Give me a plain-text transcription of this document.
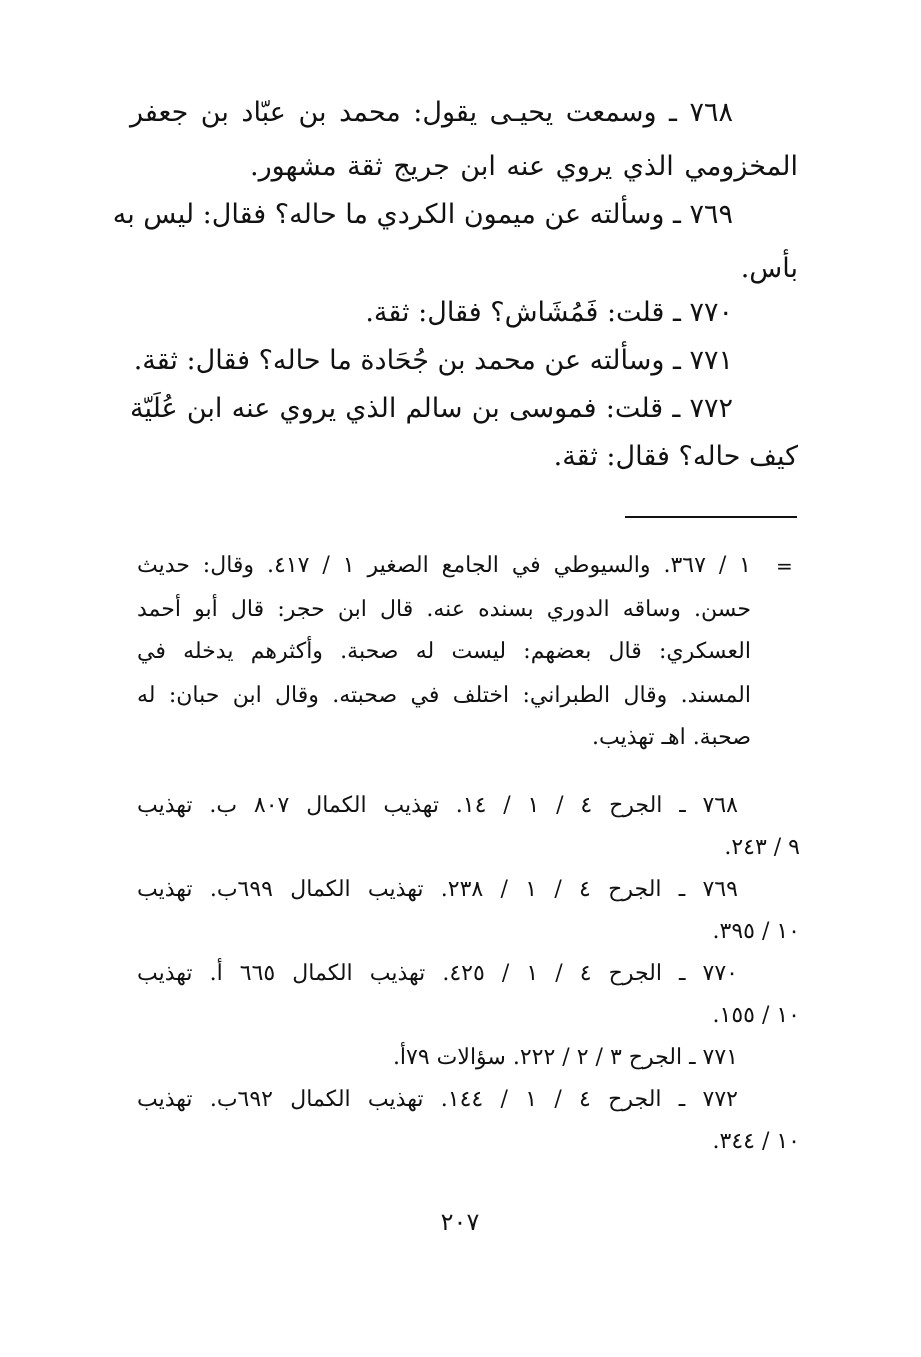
٧٦٨ ـ وسمعت يحيـى يقول: محمد بن عبّاد بن جعفر
المخزومي الذي يروي عنه ابن جريج ثقة مشهور.
٧٦٩ ـ وسألته عن ميمون الكردي ما حاله؟ فقال: ليس به
بأس.
٧٧٠ ـ قلت: فَمُشَاش؟ فقال: ثقة.
٧٧١ ـ وسألته عن محمد بن جُحَادة ما حاله؟ فقال: ثقة.
٧٧٢ ـ قلت: فموسى بن سالم الذي يروي عنه ابن عُلَيّة
كيف حاله؟ فقال: ثقة.
=
١ / ٣٦٧. والسيوطي في الجامع الصغير ١ / ٤١٧. وقال: حديث
حسن. وساقه الدوري بسنده عنه. قال ابن حجر: قال أبو أحمد
العسكري: قال بعضهم: ليست له صحبة. وأكثرهم يدخله في
المسند. وقال الطبراني: اختلف في صحبته. وقال ابن حبان: له
صحبة. اهـ تهذيب.
٧٦٨ ـ الجرح ٤ / ١ / ١٤. تهذيب الكمال ٨٠٧ ب. تهذيب
٩ / ٢٤٣.
٧٦٩ ـ الجرح ٤ / ١ / ٢٣٨. تهذيب الكمال ٦٩٩ب. تهذيب
١٠ / ٣٩٥.
٧٧٠ ـ الجرح ٤ / ١ / ٤٢٥. تهذيب الكمال ٦٦٥ أ. تهذيب
١٠ / ١٥٥.
٧٧١ ـ الجرح ٣ / ٢ / ٢٢٢. سؤالات ٧٩أ.
٧٧٢ ـ الجرح ٤ / ١ / ١٤٤. تهذيب الكمال ٦٩٢ب. تهذيب
١٠ / ٣٤٤.
٢٠٧
